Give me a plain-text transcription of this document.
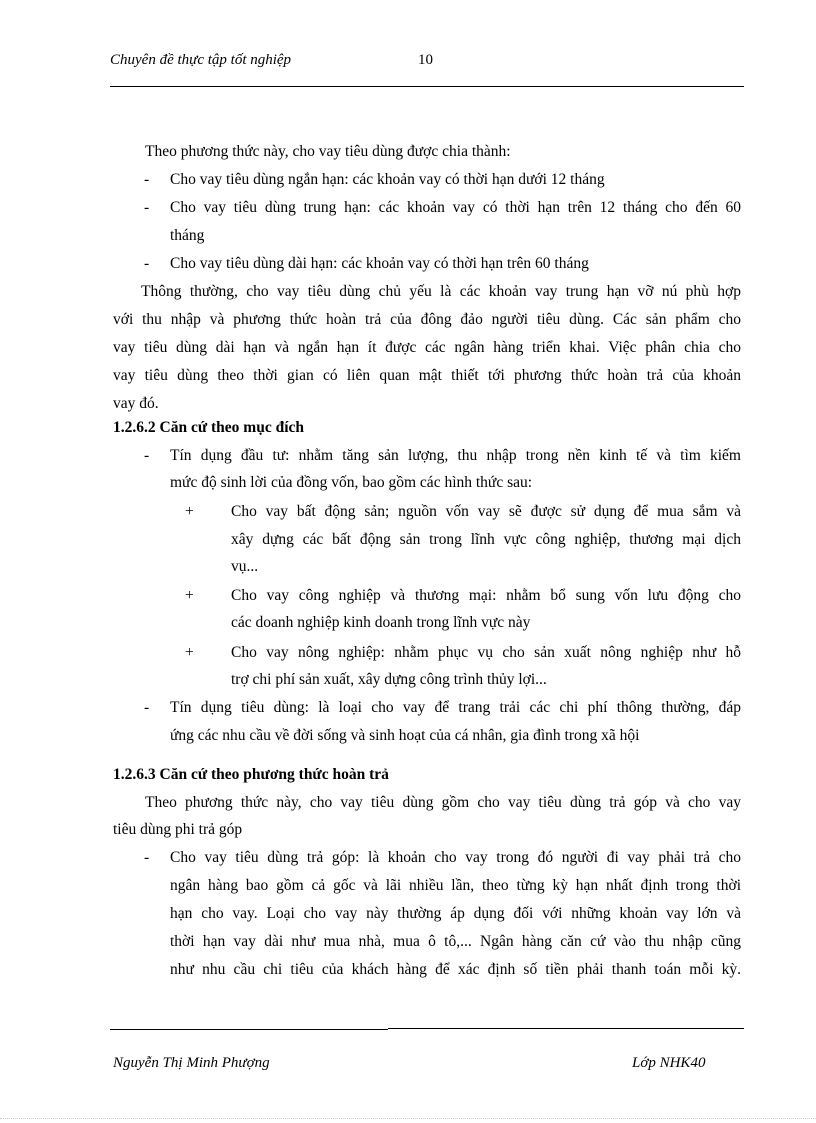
Chuyên đề thực tập tốt nghiệp	10
Theo phương thức này, cho vay tiêu dùng được chia thành:
- Cho vay tiêu dùng ngắn hạn: các khoản vay có thời hạn dưới 12 tháng
- Cho vay tiêu dùng trung hạn: các khoản vay có thời hạn trên 12 tháng cho đến 60
tháng
- Cho vay tiêu dùng dài hạn: các khoản vay có thời hạn trên 60 tháng
Thông thường, cho vay tiêu dùng chủ yếu là các khoản vay trung hạn vỡ nú phù hợp
với thu nhập và phương thức hoàn trả của đông đảo người tiêu dùng. Các sản phẩm cho
vay tiêu dùng dài hạn và ngắn hạn ít được các ngân hàng triển khai. Việc phân chia cho
vay tiêu dùng theo thời gian có liên quan mật thiết tới phương thức hoàn trả của khoản
vay đó.
1.2.6.2 Căn cứ theo mục đích
- Tín dụng đầu tư: nhằm tăng sản lượng, thu nhập trong nền kinh tế và tìm kiếm
mức độ sinh lời của đồng vốn, bao gồm các hình thức sau:
+ Cho vay bất động sản; nguồn vốn vay sẽ được sử dụng để mua sắm và
xây dựng các bất động sản trong lĩnh vực công nghiệp, thương mại dịch
vụ...
+ Cho vay công nghiệp và thương mại: nhằm bổ sung vốn lưu động cho
các doanh nghiệp kinh doanh trong lĩnh vực này
+ Cho vay nông nghiệp: nhằm phục vụ cho sản xuất nông nghiệp như hỗ
trợ chi phí sản xuất, xây dựng công trình thủy lợi...
- Tín dụng tiêu dùng: là loại cho vay để trang trải các chi phí thông thường, đáp
ứng các nhu cầu về đời sống và sinh hoạt của cá nhân, gia đình trong xã hội
1.2.6.3 Căn cứ theo phương thức hoàn trả
Theo phương thức này, cho vay tiêu dùng gồm cho vay tiêu dùng trả góp và cho vay
tiêu dùng phi trả góp
- Cho vay tiêu dùng trả góp: là khoản cho vay trong đó người đi vay phải trả cho
ngân hàng bao gồm cả gốc và lãi nhiều lần, theo từng kỳ hạn nhất định trong thời
hạn cho vay. Loại cho vay này thường áp dụng đối với những khoản vay lớn và
thời hạn vay dài như mua nhà, mua ô tô,... Ngân hàng căn cứ vào thu nhập cũng
như nhu cầu chi tiêu của khách hàng để xác định số tiền phải thanh toán mỗi kỳ.
Nguyễn Thị Minh Phượng	Lớp NHK40
